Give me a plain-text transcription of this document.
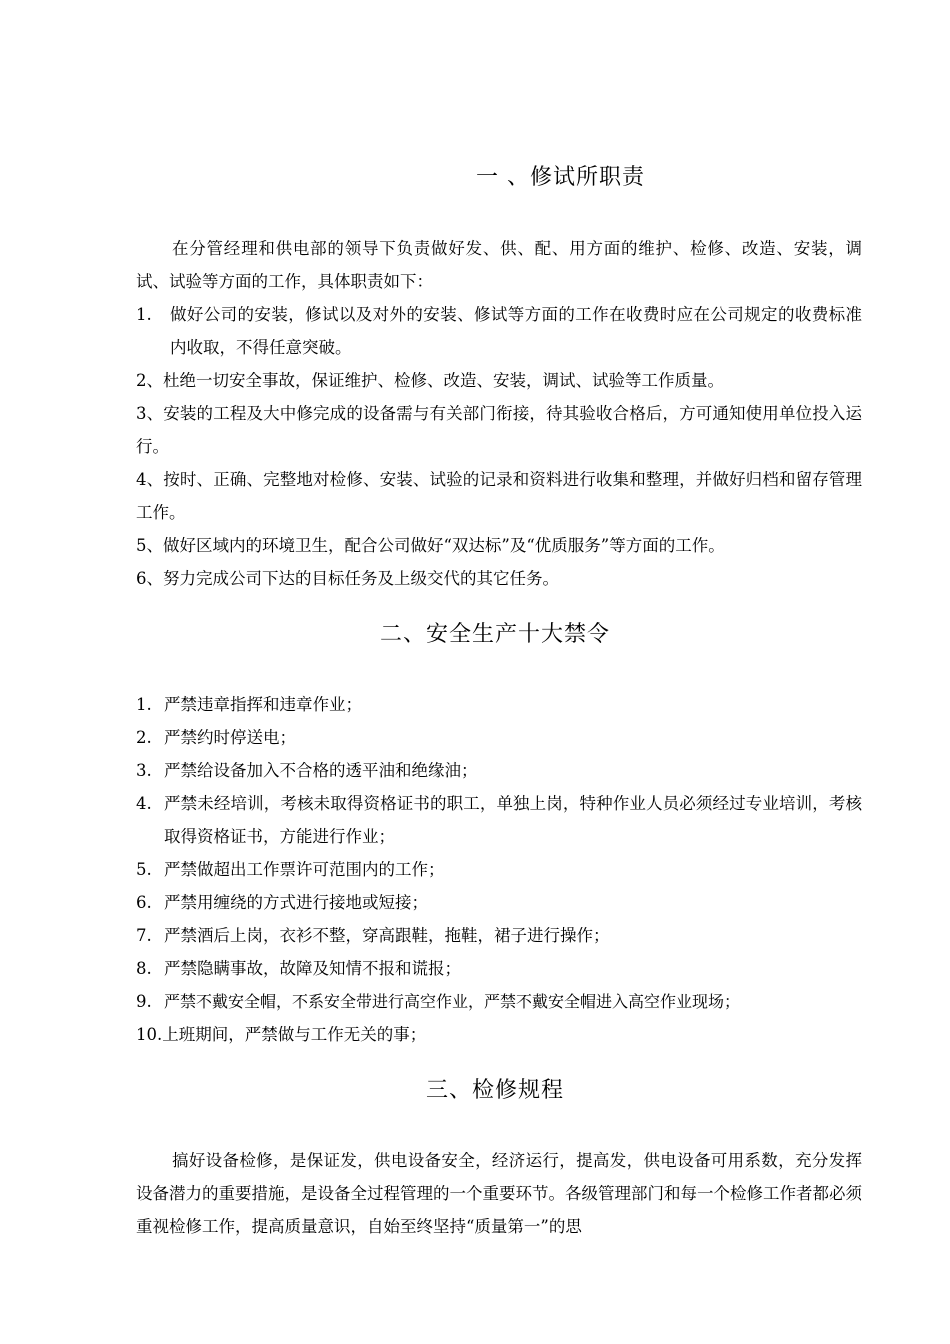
一 、修试所职责
在分管经理和供电部的领导下负责做好发、供、配、用方面的维护、检修、改造、安装，调试、试验等方面的工作，具体职责如下：
1.	做好公司的安装，修试以及对外的安装、修试等方面的工作在收费时应在公司规定的收费标准内收取，不得任意突破。
2、杜绝一切安全事故，保证维护、检修、改造、安装，调试、试验等工作质量。
3、安装的工程及大中修完成的设备需与有关部门衔接，待其验收合格后，方可通知使用单位投入运行。
4、按时、正确、完整地对检修、安装、试验的记录和资料进行收集和整理，并做好归档和留存管理工作。
5、做好区域内的环境卫生，配合公司做好“双达标”及“优质服务”等方面的工作。
6、努力完成公司下达的目标任务及上级交代的其它任务。
二、安全生产十大禁令
1. 严禁违章指挥和违章作业；
2. 严禁约时停送电；
3. 严禁给设备加入不合格的透平油和绝缘油；
4. 严禁未经培训，考核未取得资格证书的职工，单独上岗，特种作业人员必须经过专业培训，考核取得资格证书，方能进行作业；
5. 严禁做超出工作票许可范围内的工作；
6. 严禁用缠绕的方式进行接地或短接；
7. 严禁酒后上岗，衣衫不整，穿高跟鞋，拖鞋，裙子进行操作；
8. 严禁隐瞒事故，故障及知情不报和谎报；
9. 严禁不戴安全帽，不系安全带进行高空作业，严禁不戴安全帽进入高空作业现场；
10.上班期间，严禁做与工作无关的事；
三、检修规程
搞好设备检修，是保证发，供电设备安全，经济运行，提高发，供电设备可用系数，充分发挥设备潜力的重要措施，是设备全过程管理的一个重要环节。各级管理部门和每一个检修工作者都必须重视检修工作，提高质量意识，自始至终坚持“质量第一”的思
